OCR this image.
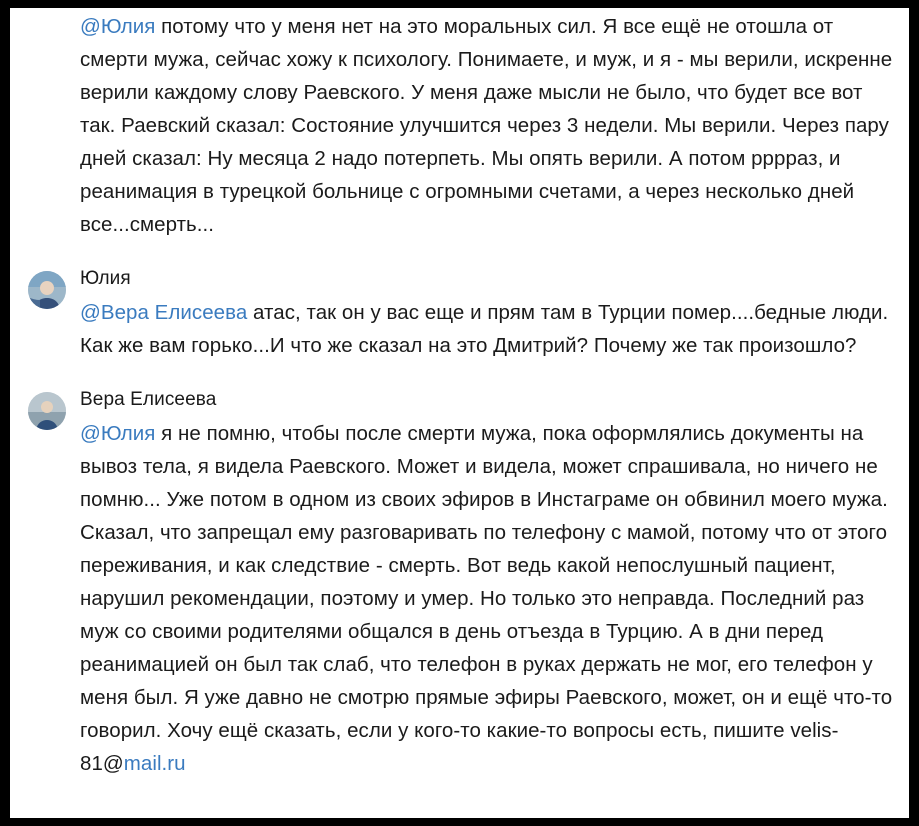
@Юлия потому что у меня нет на это моральных сил. Я все ещё не отошла от смерти мужа, сейчас хожу к психологу. Понимаете, и муж, и я - мы верили, искренне верили каждому слову Раевского. У меня даже мысли не было, что будет все вот так. Раевский сказал: Состояние улучшится через 3 недели. Мы верили. Через пару дней сказал: Ну месяца 2 надо потерпеть. Мы опять верили. А потом рррраз, и реанимация в турецкой больнице с огромными счетами, а через несколько дней все...смерть...
Юлия
@Вера Елисеева атас, так он у вас еще и прям там в Турции помер....бедные люди. Как же вам горько...И что же сказал на это Дмитрий? Почему же так произошло?
Вера Елисеева
@Юлия я не помню, чтобы после смерти мужа, пока оформлялись документы на вывоз тела, я видела Раевского. Может и видела, может спрашивала, но ничего не помню... Уже потом в одном из своих эфиров в Инстаграме он обвинил моего мужа. Сказал, что запрещал ему разговаривать по телефону с мамой, потому что от этого переживания, и как следствие - смерть. Вот ведь какой непослушный пациент, нарушил рекомендации, поэтому и умер. Но только это неправда. Последний раз муж со своими родителями общался в день отъезда в Турцию. А в дни перед реанимацией он был так слаб, что телефон в руках держать не мог, его телефон у меня был. Я уже давно не смотрю прямые эфиры Раевского, может, он и ещё что-то говорил. Хочу ещё сказать, если у кого-то какие-то вопросы есть, пишите velis-81@mail.ru
